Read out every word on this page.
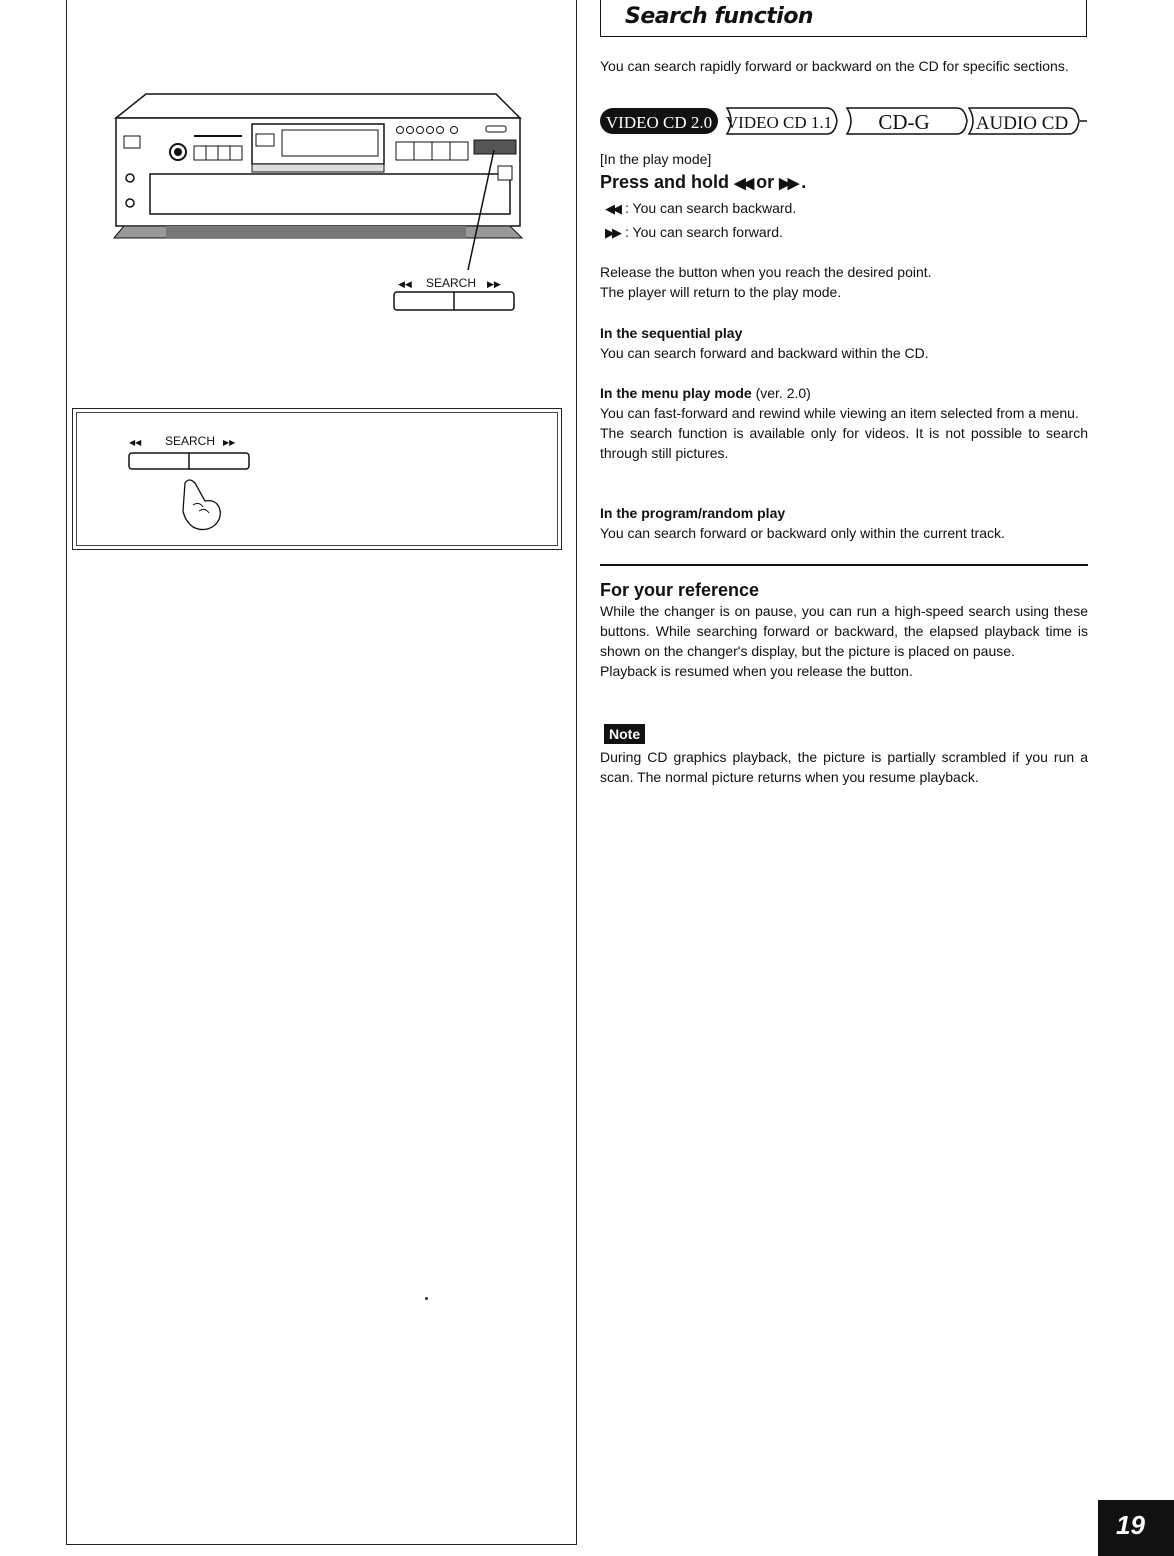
◀◀ SEARCH ▶▶
◀◀ SEARCH ▶▶
Search function
You can search rapidly forward or backward on the CD for specific sections.
VIDEO CD 2.0 VIDEO CD 1.1 CD-G AUDIO CD
[In the play mode]
Press and hold ◀◀ or ▶▶ .
◀◀ : You can search backward.
▶▶ : You can search forward.

Release the button when you reach the desired point.

The player will return to the play mode.

In the sequential play

You can search forward and backward within the CD.

In the menu play mode (ver. 2.0)

You can fast-forward and rewind while viewing an item selected from a menu.

The search function is available only for videos. It is not possible to search through still pictures.

In the program/random play

You can search forward or backward only within the current track.

For your reference

While the changer is on pause, you can run a high-speed search using these buttons. While searching forward or backward, the elapsed playback time is shown on the changer's display, but the picture is placed on pause.

Playback is resumed when you release the button.

Note
During CD graphics playback, the picture is partially scrambled if you run a scan. The normal picture returns when you resume playback.
19
